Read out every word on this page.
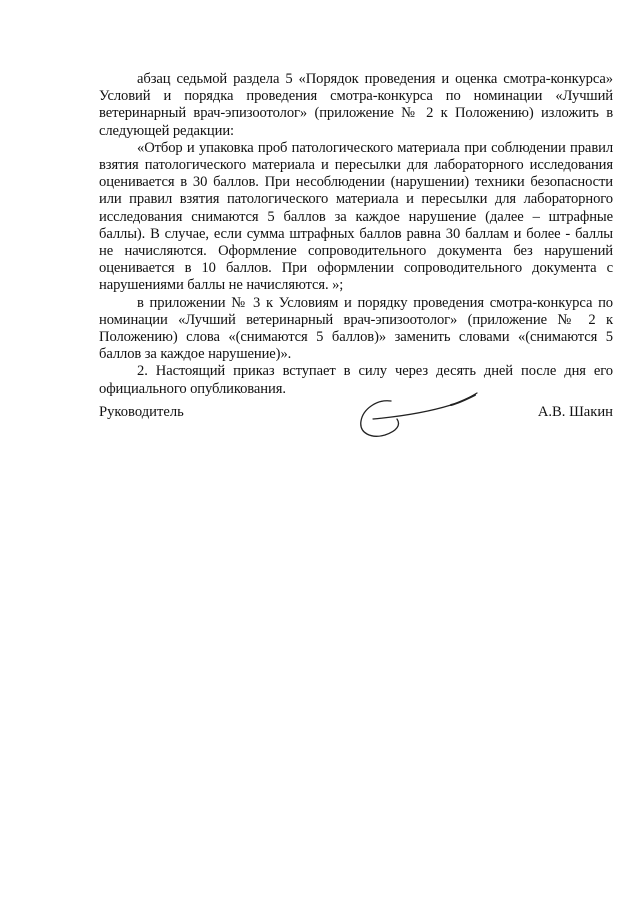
абзац седьмой раздела 5 «Порядок проведения и оценка смотра-конкурса» Условий и порядка проведения смотра-конкурса по номинации «Лучший ветеринарный врач-эпизоотолог» (приложение № 2 к Положению) изложить в следующей редакции:

«Отбор и упаковка проб патологического материала при соблюдении правил взятия патологического материала и пересылки для лабораторного исследования оценивается в 30 баллов. При несоблюдении (нарушении) техники безопасности или правил взятия патологического материала и пересылки для лабораторного исследования снимаются 5 баллов за каждое нарушение (далее – штрафные баллы). В случае, если сумма штрафных баллов равна 30 баллам и более - баллы не начисляются. Оформление сопроводительного документа без нарушений оценивается в 10 баллов. При оформлении сопроводительного документа с нарушениями баллы не начисляются. »;

в приложении № 3 к Условиям и порядку проведения смотра-конкурса по номинации «Лучший ветеринарный врач-эпизоотолог» (приложение № 2 к Положению) слова «(снимаются 5 баллов)» заменить словами «(снимаются 5 баллов за каждое нарушение)».

2. Настоящий приказ вступает в силу через десять дней после дня его официального опубликования.

Руководитель	А.В. Шакин
